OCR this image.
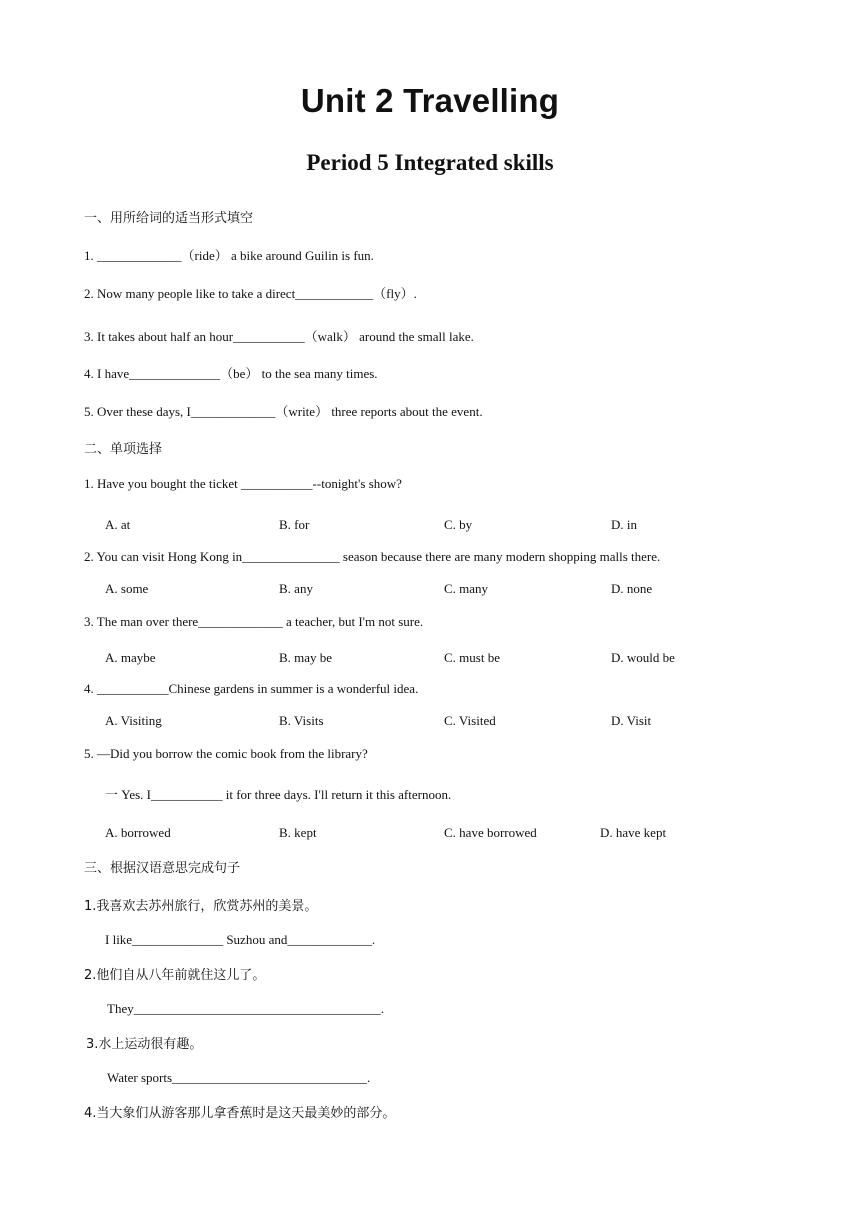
Unit 2 Travelling
Period 5 Integrated skills
一、用所给词的适当形式填空
1. _____________（ride） a bike around Guilin is fun.
2. Now many people like to take a direct____________（fly）.
3. It takes about half an hour___________（walk） around the small lake.
4. I have______________（be） to the sea many times.
5. Over these days, I_____________（write） three reports about the event.
二、单项选择
1. Have you bought the ticket ___________--tonight's show?
A. at	B. for	C. by	D. in
2. You can visit Hong Kong in_______________ season because there are many modern shopping malls there.
A. some	B. any	C. many	D. none
3. The man over there_____________ a teacher, but I'm not sure.
A. maybe	B. may be	C. must be	D. would be
4. ___________Chinese gardens in summer is a wonderful idea.
A. Visiting	B. Visits	C. Visited	D. Visit
5. —Did you borrow the comic book from the library?
一 Yes. I___________ it for three days. I'll return it this afternoon.
A. borrowed	B. kept	C. have borrowed	D. have kept
三、根据汉语意思完成句子
1.我喜欢去苏州旅行，欣赏苏州的美景。
I like______________ Suzhou and_____________.
2.他们自从八年前就住这儿了。
They______________________________________.
3.水上运动很有趣。
Water sports______________________________.
4.当大象们从游客那儿拿香蕉时是这天最美妙的部分。
